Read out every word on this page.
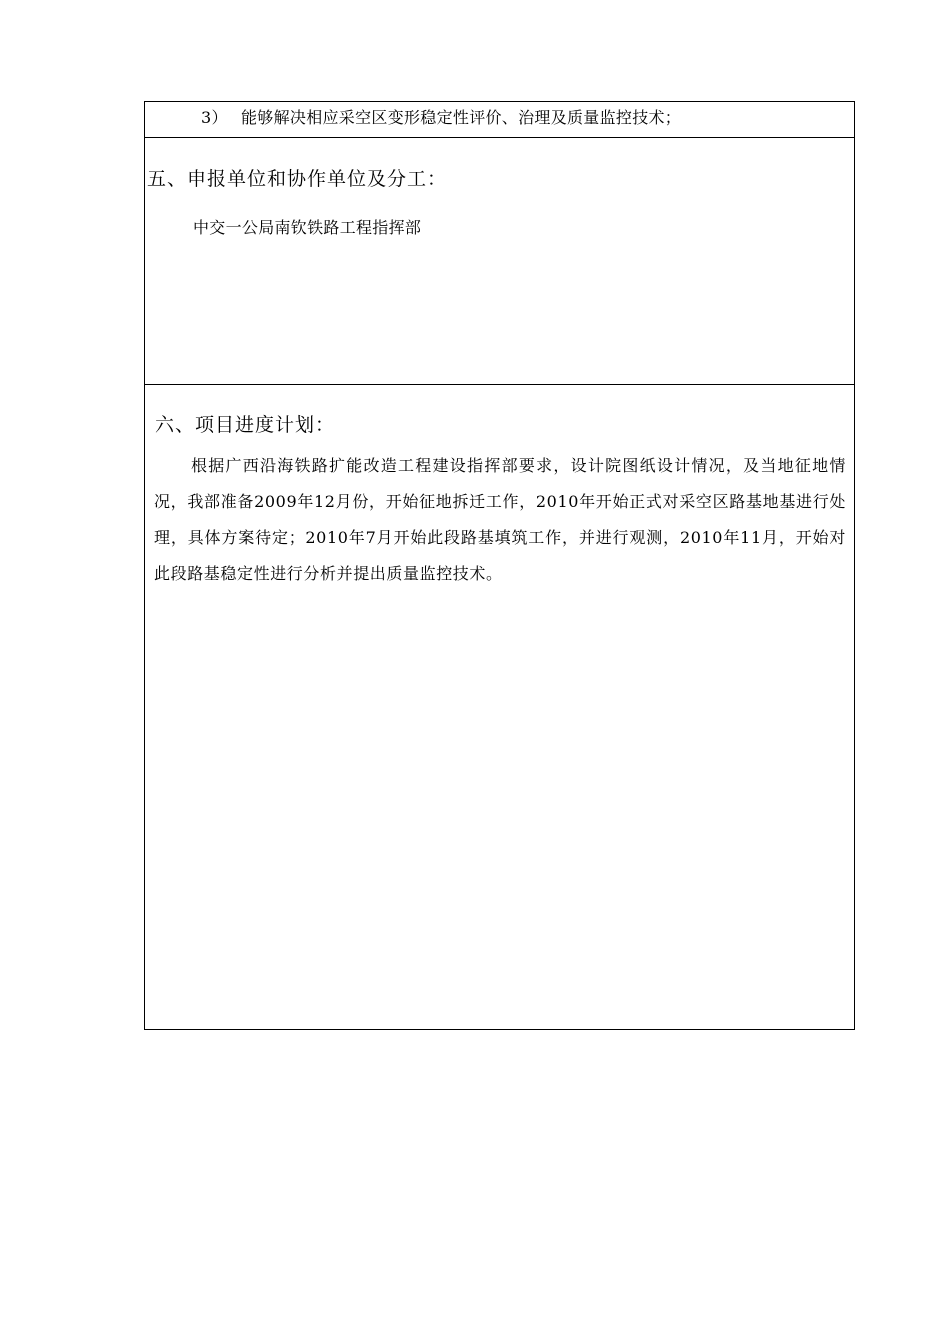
3） 能够解决相应采空区变形稳定性评价、治理及质量监控技术；
五、申报单位和协作单位及分工：
中交一公局南钦铁路工程指挥部
六、项目进度计划：

根据广西沿海铁路扩能改造工程建设指挥部要求，设计院图纸设计情况，及当地征地情况，我部准备2009年12月份，开始征地拆迁工作，2010年开始正式对采空区路基地基进行处理，具体方案待定；2010年7月开始此段路基填筑工作，并进行观测，2010年11月，开始对此段路基稳定性进行分析并提出质量监控技术。
